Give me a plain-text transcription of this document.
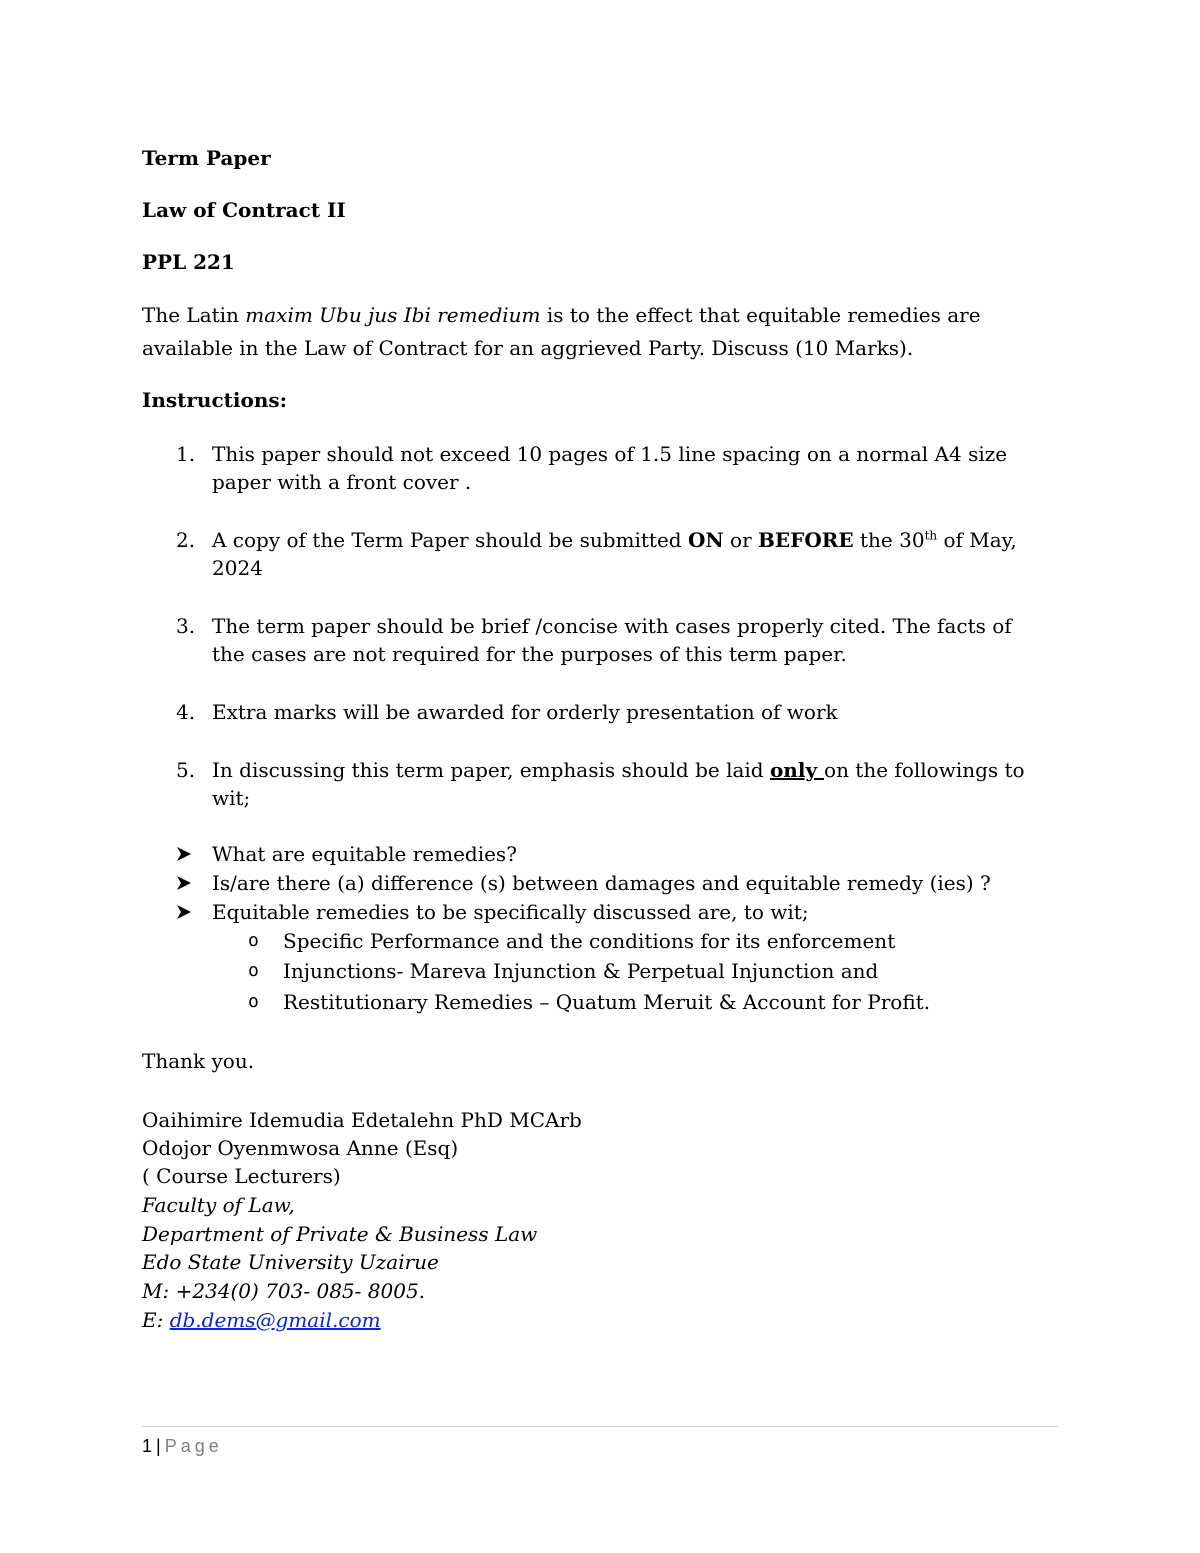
Term Paper
Law of Contract II
PPL 221
The Latin maxim Ubu jus Ibi remedium is to the effect that equitable remedies are
available in the Law of Contract for an aggrieved Party. Discuss (10 Marks).
Instructions:
1. This paper should not exceed 10 pages of 1.5 line spacing on a normal A4 size
paper with a front cover .
2. A copy of the Term Paper should be submitted ON or BEFORE the 30th of May,
2024
3. The term paper should be brief /concise with cases properly cited. The facts of
the cases are not required for the purposes of this term paper.
4. Extra marks will be awarded for orderly presentation of work
5. In discussing this term paper, emphasis should be laid only on the followings to
wit;
What are equitable remedies?
Is/are there (a) difference (s) between damages and equitable remedy (ies) ?
Equitable remedies to be specifically discussed are, to wit;
o Specific Performance and the conditions for its enforcement
o Injunctions- Mareva Injunction & Perpetual Injunction and
o Restitutionary Remedies – Quatum Meruit & Account for Profit.
Thank you.
Oaihimire Idemudia Edetalehn PhD MCArb
Odojor Oyenmwosa Anne (Esq)
( Course Lecturers)
Faculty of Law,
Department of Private & Business Law
Edo State University Uzairue
M: +234(0) 703- 085- 8005.
E: db.dems@gmail.com
1 | Page
